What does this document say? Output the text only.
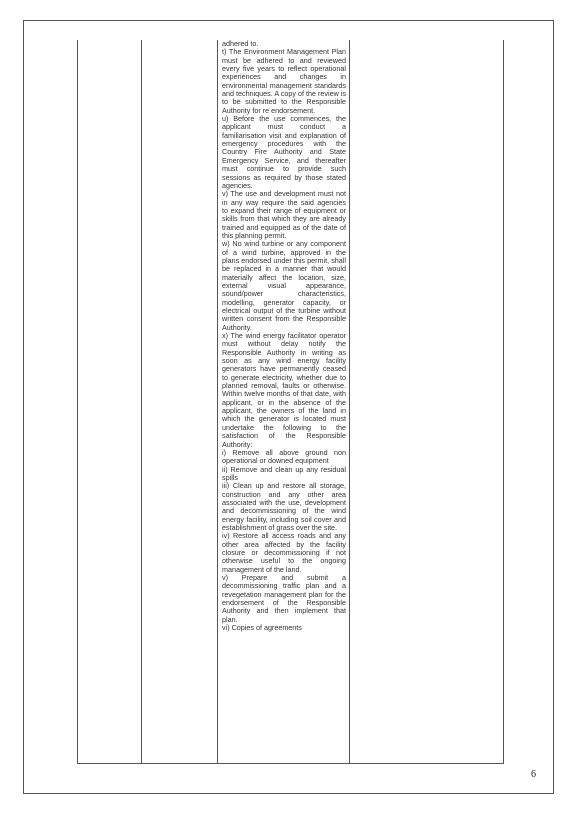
adhered to.

t) The Environment Management Plan must be adhered to and reviewed every five years to reflect operational experiences and changes in environmental management standards and techniques. A copy of the review is to be submitted to the Responsible Authority for re endorsement.

u) Before the use commences, the applicant must conduct a familiarisation visit and explanation of emergency procedures with the Country Fire Authority and State Emergency Service, and thereafter must continue to provide such sessions as required by those stated agencies.

v) The use and development must not in any way require the said agencies to expand their range of equipment or skills from that which they are already trained and equipped as of the date of this planning permit.

w) No wind turbine or any component of a wind turbine, approved in the plans endorsed under this permit, shall be replaced in a manner that would materially affect the location, size, external visual appearance, sound/power characteristics, modelling, generator capacity, or electrical output of the turbine without written consent from the Responsible Authority.

x) The wind energy facilitator operator must without delay notify the Responsible Authority in writing as soon as any wind energy facility generators have permanently ceased to generate electricity, whether due to planned removal, faults or otherwise. Within twelve months of that date, with applicant, or in the absence of the applicant, the owners of the land in which the generator is located must undertake the following to the satisfaction of the Responsible Authority:

i) Remove all above ground non operational or downed equipment

ii) Remove and clean up any residual spills

iii) Clean up and restore all storage, construction and any other area associated with the use, development and decommissioning of the wind energy facility, including soil cover and establishment of grass over the site.

iv) Restore all access roads and any other area affected by the facility closure or decommissioning if not otherwise useful to the ongoing management of the land.

v) Prepare and submit a decommissioning traffic plan and a revegetation management plan for the endorsement of the Responsible Authority and then implement that plan.

vi) Copies of agreements

6
